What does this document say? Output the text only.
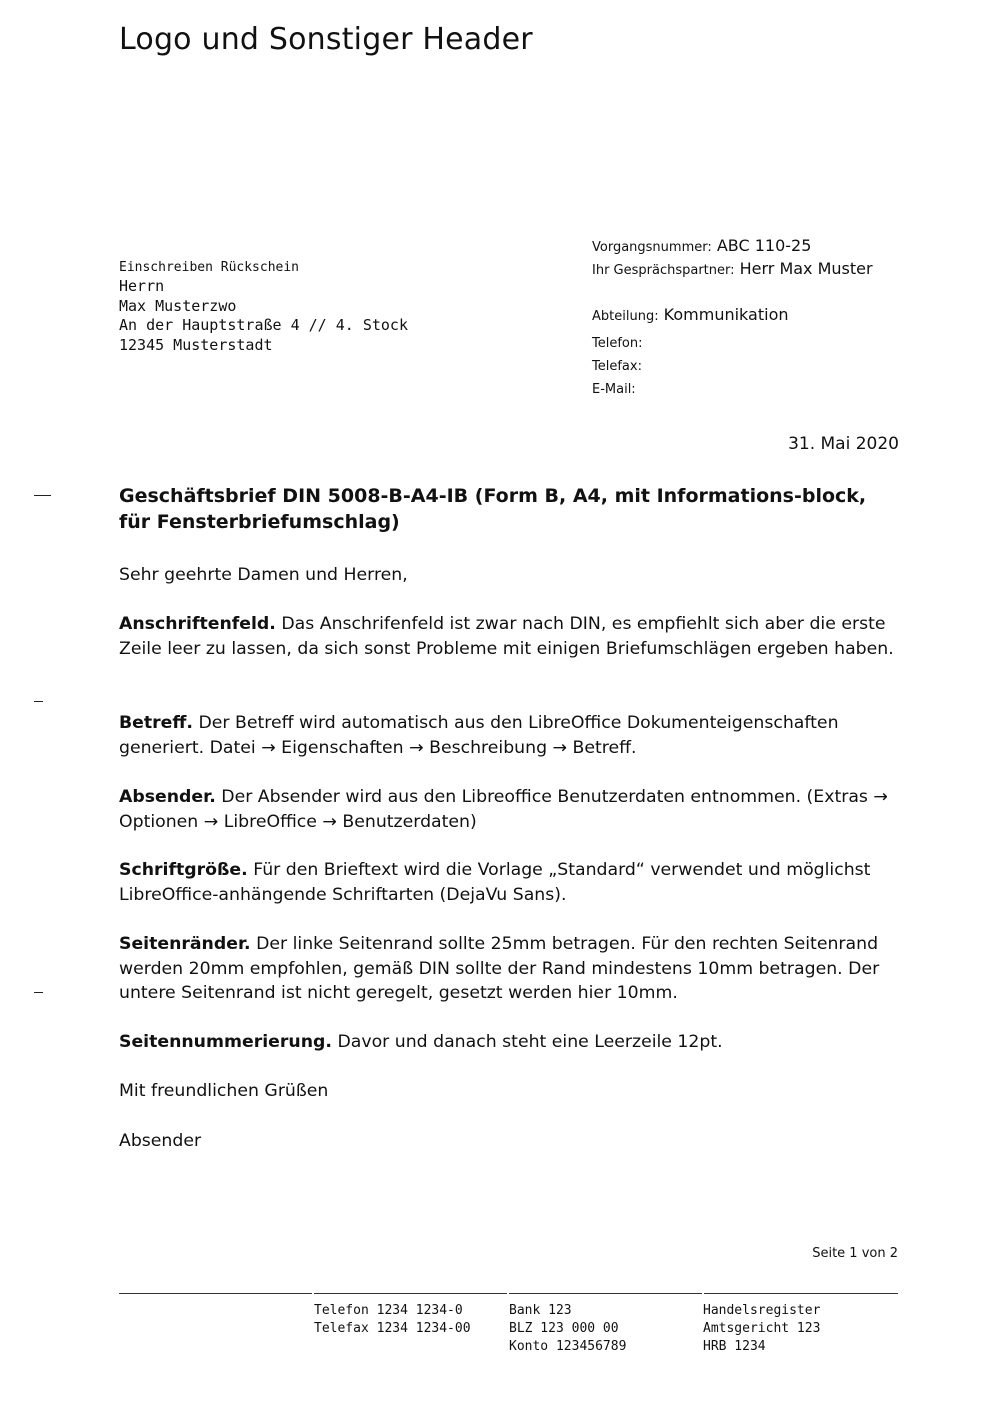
Logo und Sonstiger Header
Einschreiben Rückschein
Herrn
Max Musterzwo
An der Hauptstraße 4 // 4. Stock
12345 Musterstadt
Vorgangsnummer: ABC 110-25
Ihr Gesprächspartner: Herr Max Muster
Abteilung: Kommunikation
Telefon:
Telefax:
E-Mail:
31. Mai 2020
Geschäftsbrief DIN 5008-B-A4-IB (Form B, A4, mit Informations-block, für Fensterbriefumschlag)
Sehr geehrte Damen und Herren,
Anschriftenfeld. Das Anschrifenfeld ist zwar nach DIN, es empfiehlt sich aber die erste Zeile leer zu lassen, da sich sonst Probleme mit einigen Briefumschlägen ergeben haben.
Betreff. Der Betreff wird automatisch aus den LibreOffice Dokumenteigenschaften generiert. Datei → Eigenschaften → Beschreibung → Betreff.
Absender. Der Absender wird aus den Libreoffice Benutzerdaten entnommen. (Extras → Optionen → LibreOffice → Benutzerdaten)
Schriftgröße. Für den Brieftext wird die Vorlage „Standard“ verwendet und möglichst LibreOffice-anhängende Schriftarten (DejaVu Sans).
Seitenränder. Der linke Seitenrand sollte 25mm betragen. Für den rechten Seitenrand werden 20mm empfohlen, gemäß DIN sollte der Rand mindestens 10mm betragen. Der untere Seitenrand ist nicht geregelt, gesetzt werden hier 10mm.
Seitennummerierung. Davor und danach steht eine Leerzeile 12pt.
Mit freundlichen Grüßen
Absender
Seite 1 von 2
Telefon 1234 1234-0
Telefax 1234 1234-00
Bank 123
BLZ 123 000 00
Konto 123456789
Handelsregister
Amtsgericht 123
HRB 1234
